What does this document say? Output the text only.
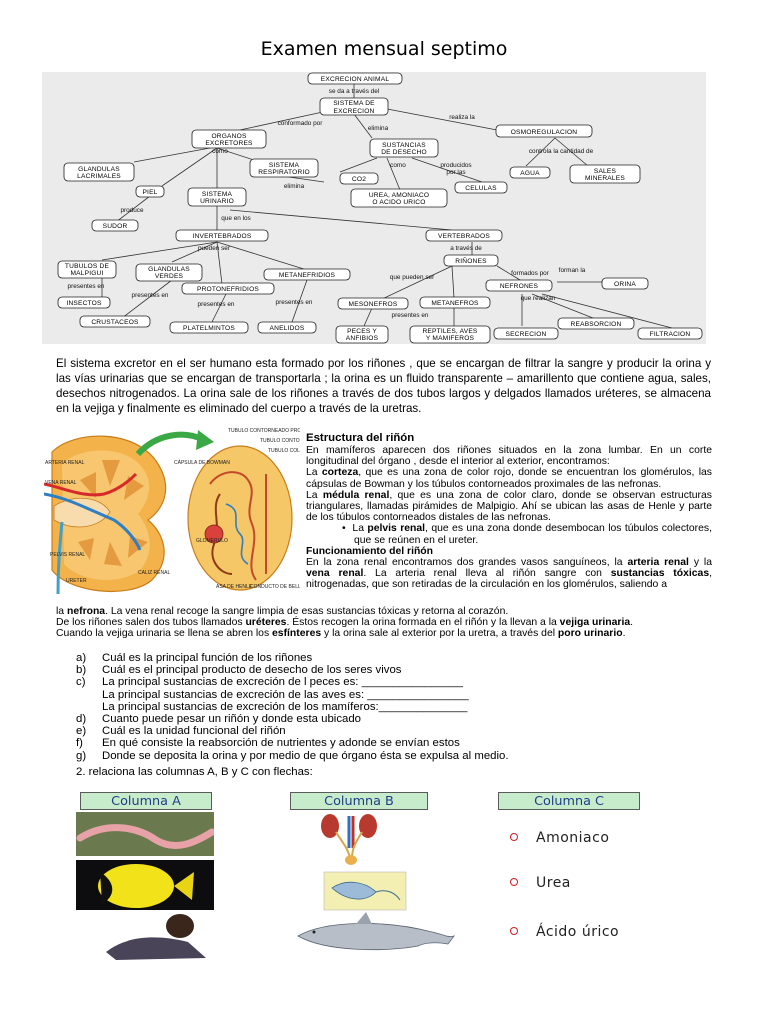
Examen mensual septimo
EXCRECION ANIMAL
SISTEMA DE
EXCRECION
ORGANOS
EXCRETORES	SUSTANCIAS
DE DESECHO
OSMOREGULACION
GLANDULAS
LACRIMALES
SISTEMA
RESPIRATORIO
CO2
UREA, AMONIACO
O ACIDO URICO
CELULAS
AGUA	SALES
MINERALES
PIEL	SISTEMA
URINARIO
SUDOR
INVERTEBRADOS	VERTEBRADOS
RIÑONES
TUBULOS DE
MALPIGUI
GLANDULAS
VERDES
PROTONEFRIDIOS
METANEFRIDIOS
INSECTOS
CRUSTACEOS
PLATELMINTOS	ANELIDOS
NEFRONES	ORINA
MESONEFROS	METANEFROS
PECES Y
ANFIBIOS
REPTILES, AVES
Y MAMIFEROS
REABSORCION
SECRECION	FILTRACION
se da a través del
realiza la
conformado por
elimina
controla la cantidad de
como
como	producidos
por las
elimina
produce
que en los
pueden ser	a través de
formados por forman la
que pueden ser
que realizan
presentes en
presentes en
presentes en	presentes en
presentes en
El sistema excretor en el ser humano esta formado por los riñones , que se encargan de filtrar la sangre y producir la orina y las vías urinarias que se encargan de transportarla ; la orina es un fluido transparente – amarillento que contiene agua, sales, desechos nitrogenados. La orina sale de los riñones a través de dos tubos largos y delgados llamados uréteres, se almacena en la vejiga y finalmente es eliminado del cuerpo a través de la uretras.
ARTERIA RENAL
VENA RENAL
PELVIS RENAL
URETER
CALIZ RENAL
TUBULO CONTORNEADO PRO
TUBULO CONTO
TUBULO COL
CÁPSULA DE BOWMAN
GLOMERULO
ASA DE HENLE
CONDUCTO DE BELL
Estructura del riñón

En mamíferos aparecen dos riñones situados en la zona lumbar. En un corte longitudinal del órgano , desde el interior al exterior, encontramos:

La corteza, que es una zona de color rojo, donde se encuentran los glomérulos, las cápsulas de Bowman y los túbulos contorneados proximales de las nefronas.

La médula renal, que es una zona de color claro, donde se observan estructuras triangulares, llamadas pirámides de Malpigio. Ahí se ubican las asas de Henle y parte de los túbulos contorneados distales de las nefronas.

• La pelvis renal, que es una zona donde desembocan los túbulos colectores, que se reúnen en el ureter.

Funcionamiento del riñón

En la zona renal encontramos dos grandes vasos sanguíneos, la arteria renal y la vena renal. La arteria renal lleva al riñón sangre con sustancias tóxicas, nitrogenadas, que son retiradas de la circulación en los glomérulos, saliendo a

la nefrona. La vena renal recoge la sangre limpia de esas sustancias tóxicas y retorna al corazón.
De los riñones salen dos tubos llamados uréteres. Éstos recogen la orina formada en el riñón y la llevan a la vejiga urinaria.
Cuando la vejiga urinaria se llena se abren los esfínteres y la orina sale al exterior por la uretra, a través del poro urinario.
a) Cuál es la principal función de los riñones
b) Cuál es el principal producto de desecho de los seres vivos
c) La principal sustancias de excreción de l peces es: ________________
La principal sustancias de excreción de las aves es: ________________
La principal sustancias de excreción de los mamíferos:______________
d) Cuanto puede pesar un riñón y donde esta ubicado
e) Cuál es la unidad funcional del riñón
f) En qué consiste la reabsorción de nutrientes y adonde se envían estos
g) Donde se deposita la orina y por medio de que órgano ésta se expulsa al medio.
2. relaciona las columnas A, B y C con flechas:
Columna A	Columna B	Columna C
Amoniaco
Urea
Ácido úrico
